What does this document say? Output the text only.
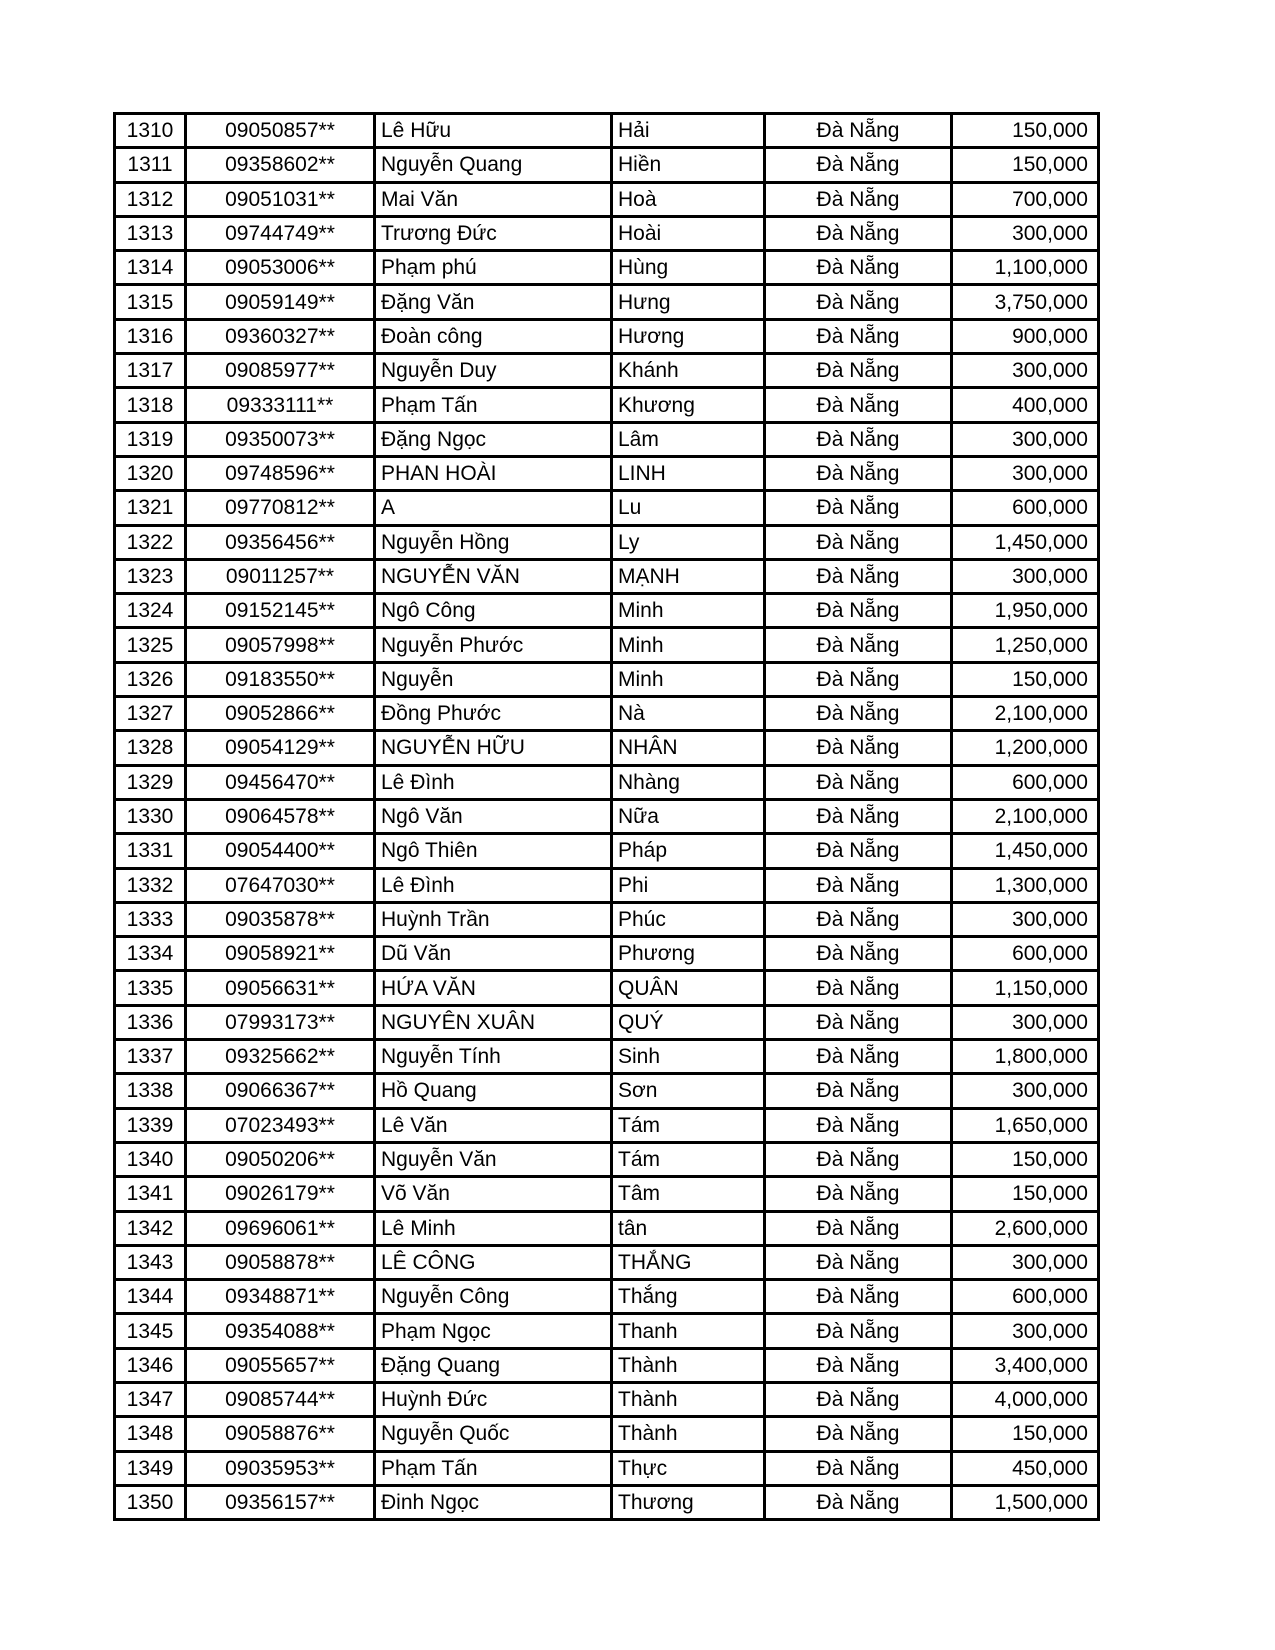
1310	09050857**	Lê Hữu	Hải	Đà Nẵng	150,000
1311	09358602**	Nguyễn Quang	Hiền	Đà Nẵng	150,000
1312	09051031**	Mai Văn	Hoà	Đà Nẵng	700,000
1313	09744749**	Trương Đức	Hoài	Đà Nẵng	300,000
1314	09053006**	Phạm phú	Hùng	Đà Nẵng	1,100,000
1315	09059149**	Đặng Văn	Hưng	Đà Nẵng	3,750,000
1316	09360327**	Đoàn công	Hương	Đà Nẵng	900,000
1317	09085977**	Nguyễn Duy	Khánh	Đà Nẵng	300,000
1318	09333111**	Phạm Tấn	Khương	Đà Nẵng	400,000
1319	09350073**	Đặng Ngọc	Lâm	Đà Nẵng	300,000
1320	09748596**	PHAN HOÀI	LINH	Đà Nẵng	300,000
1321	09770812**	A	Lu	Đà Nẵng	600,000
1322	09356456**	Nguyễn Hồng	Ly	Đà Nẵng	1,450,000
1323	09011257**	NGUYỄN VĂN	MẠNH	Đà Nẵng	300,000
1324	09152145**	Ngô Công	Minh	Đà Nẵng	1,950,000
1325	09057998**	Nguyễn Phước	Minh	Đà Nẵng	1,250,000
1326	09183550**	Nguyễn	Minh	Đà Nẵng	150,000
1327	09052866**	Đồng Phước	Nà	Đà Nẵng	2,100,000
1328	09054129**	NGUYỄN HỮU	NHÂN	Đà Nẵng	1,200,000
1329	09456470**	Lê Đình	Nhàng	Đà Nẵng	600,000
1330	09064578**	Ngô Văn	Nữa	Đà Nẵng	2,100,000
1331	09054400**	Ngô Thiên	Pháp	Đà Nẵng	1,450,000
1332	07647030**	Lê Đình	Phi	Đà Nẵng	1,300,000
1333	09035878**	Huỳnh Trần	Phúc	Đà Nẵng	300,000
1334	09058921**	Dũ Văn	Phương	Đà Nẵng	600,000
1335	09056631**	HỨA VĂN	QUÂN	Đà Nẵng	1,150,000
1336	07993173**	NGUYÊN XUÂN	QUÝ	Đà Nẵng	300,000
1337	09325662**	Nguyễn Tính	Sinh	Đà Nẵng	1,800,000
1338	09066367**	Hồ Quang	Sơn	Đà Nẵng	300,000
1339	07023493**	Lê Văn	Tám	Đà Nẵng	1,650,000
1340	09050206**	Nguyễn Văn	Tám	Đà Nẵng	150,000
1341	09026179**	Võ Văn	Tâm	Đà Nẵng	150,000
1342	09696061**	Lê Minh	tân	Đà Nẵng	2,600,000
1343	09058878**	LÊ CÔNG	THẮNG	Đà Nẵng	300,000
1344	09348871**	Nguyễn Công	Thắng	Đà Nẵng	600,000
1345	09354088**	Phạm Ngọc	Thanh	Đà Nẵng	300,000
1346	09055657**	Đặng Quang	Thành	Đà Nẵng	3,400,000
1347	09085744**	Huỳnh Đức	Thành	Đà Nẵng	4,000,000
1348	09058876**	Nguyễn Quốc	Thành	Đà Nẵng	150,000
1349	09035953**	Phạm Tấn	Thực	Đà Nẵng	450,000
1350	09356157**	Đinh Ngọc	Thương	Đà Nẵng	1,500,000
